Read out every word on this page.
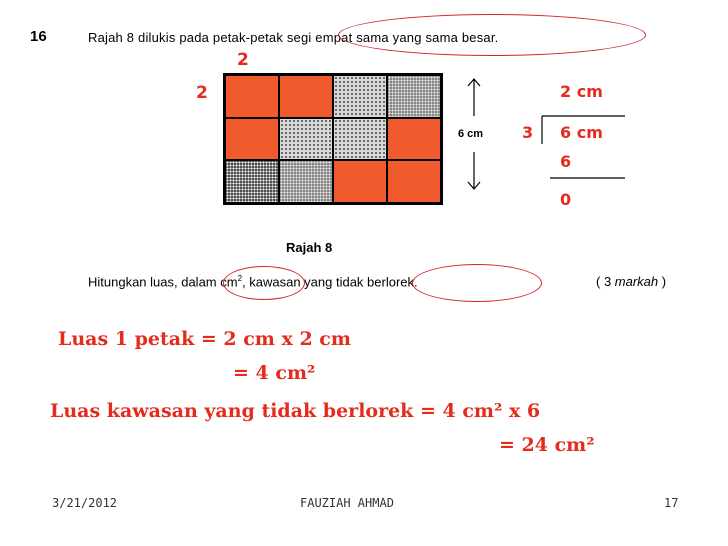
16	Rajah 8 dilukis pada petak-petak segi empat sama yang sama besar.
2
2
6 cm
2 cm
3 6 cm
6
0
Rajah 8
Hitungkan luas, dalam $cm^2$, kawasan yang tidak berlorek.	( 3 markah )
Luas 1 petak = 2 cm x 2 cm
= 4 cm²
Luas kawasan yang tidak berlorek = 4 cm² x 6
= 24 cm²
3/21/2012	FAUZIAH AHMAD	17
